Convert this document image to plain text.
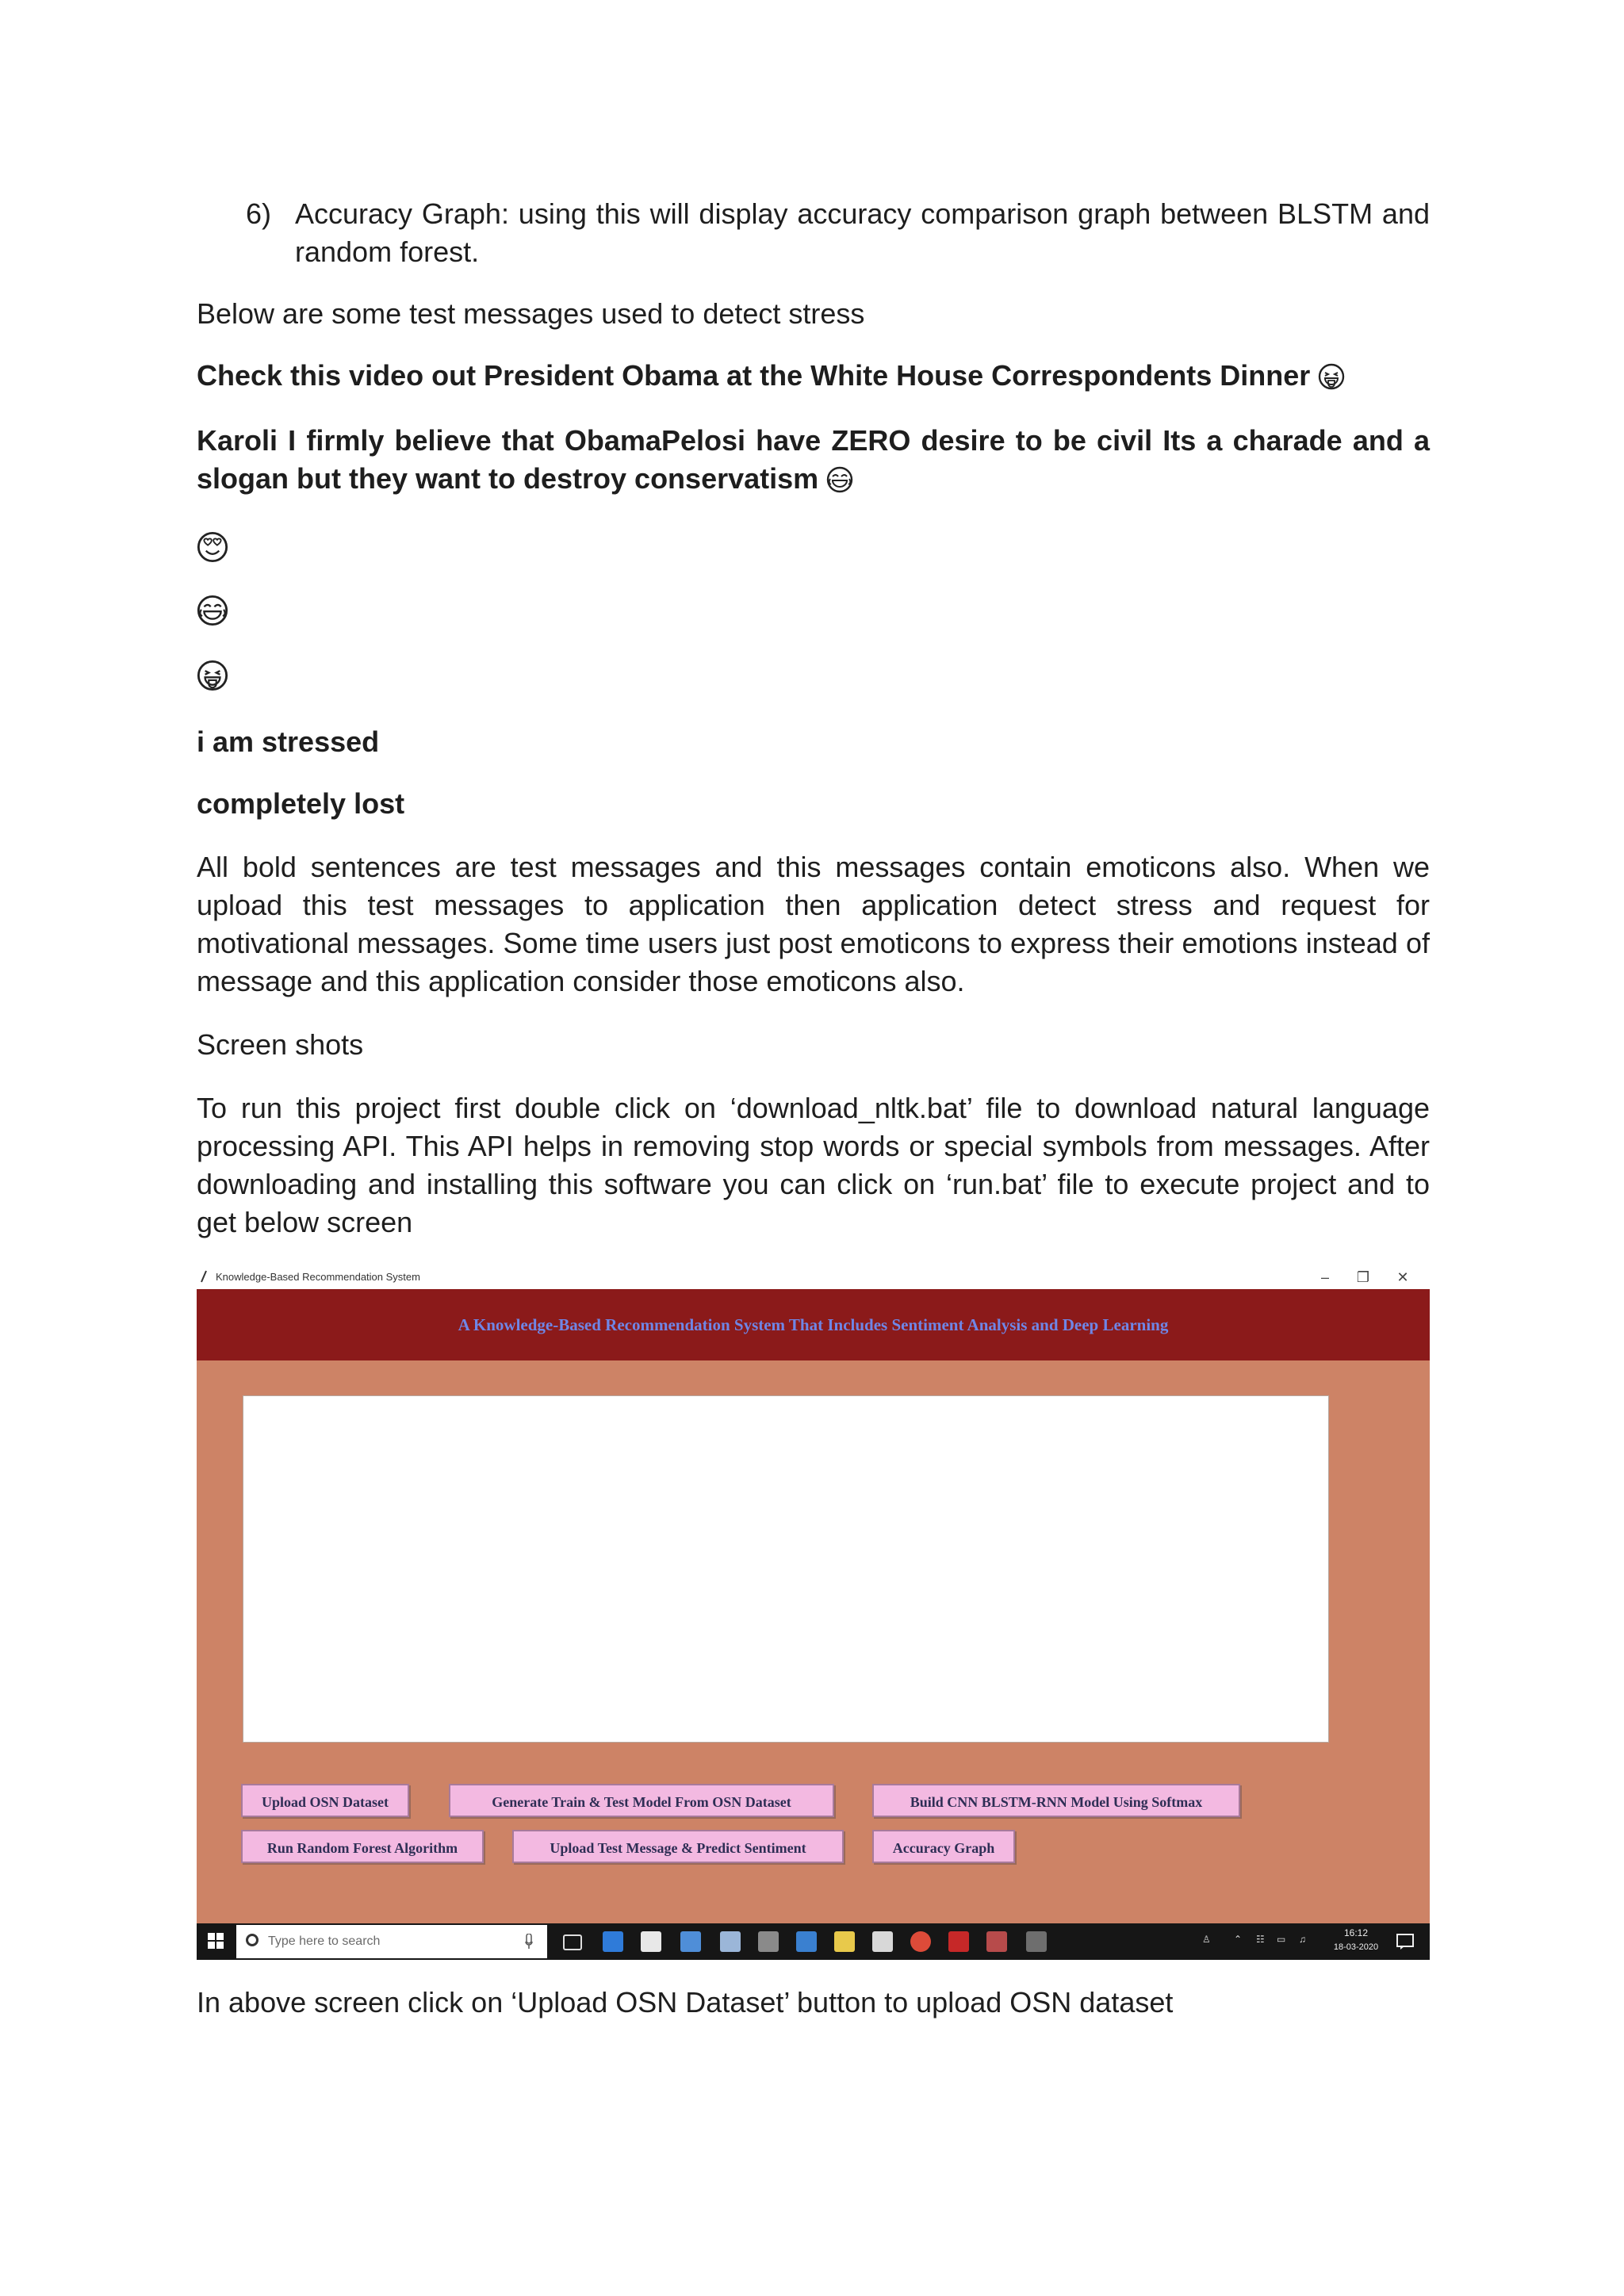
6) Accuracy Graph: using this will display accuracy comparison graph between BLSTM and random forest.

Below are some test messages used to detect stress

Check this video out President Obama at the White House Correspondents Dinner

Karoli I firmly believe that ObamaPelosi have ZERO desire to be civil Its a charade and a slogan but they want to destroy conservatism

i am stressed

completely lost

All bold sentences are test messages and this messages contain emoticons also. When we upload this test messages to application then application detect stress and request for motivational messages. Some time users just post emoticons to express their emotions instead of message and this application consider those emoticons also.

Screen shots

To run this project first double click on ‘download_nltk.bat’ file to download natural language processing API. This API helps in removing stop words or special symbols from messages. After downloading and installing this software you can click on ‘run.bat’ file to execute project and to get below screen

Knowledge-Based Recommendation System	–	❐	✕
A Knowledge-Based Recommendation System That Includes Sentiment Analysis and Deep Learning
Upload OSN Dataset	Generate Train & Test Model From OSN Dataset	Build CNN BLSTM-RNN Model Using Softmax
Run Random Forest Algorithm	Upload Test Message & Predict Sentiment	Accuracy Graph
Type here to search	♙ ⌃ ☷ ▭ ♫
16:12
18-03-2020

In above screen click on ‘Upload OSN Dataset’ button to upload OSN dataset
